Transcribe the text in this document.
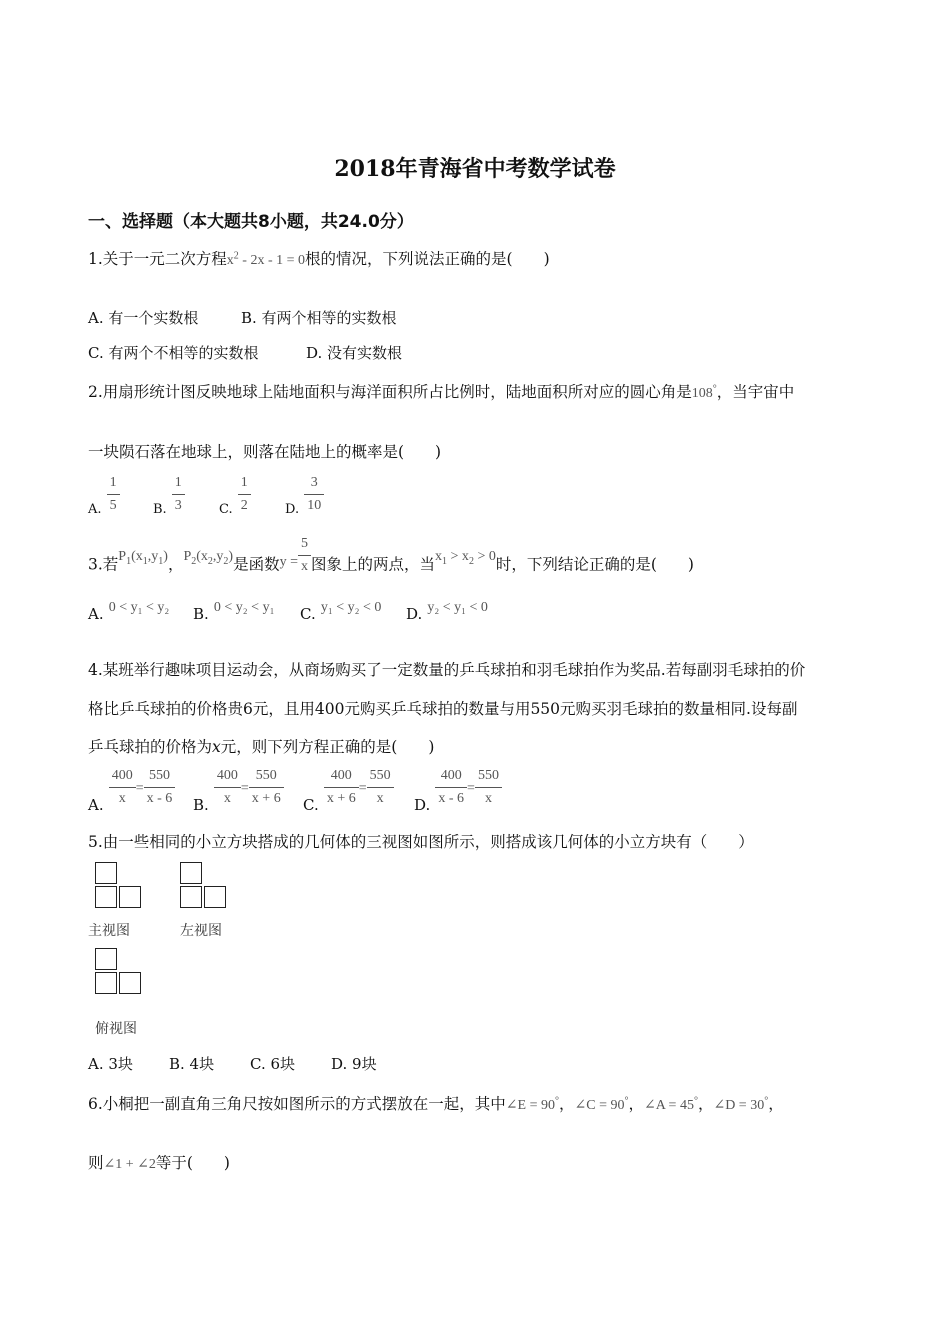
2018年青海省中考数学试卷
一、选择题（本大题共8小题，共24.0分）
1.关于一元二次方程$x^2 - 2x - 1 = 0$根的情况，下列说法正确的是(　　)
A. 有一个实数根	B. 有两个相等的实数根
C. 有两个不相等的实数根	D. 没有实数根
2.用扇形统计图反映地球上陆地面积与海洋面积所占比例时，陆地面积所对应的圆心角是108°，当宇宙中
一块陨石落在地球上，则落在陆地上的概率是(　　)
$_{A.} \frac{1}{5}$	$_{B.} \frac{1}{3}$	$_{C.} \frac{1}{2}$	$_{D.} \frac{3}{10}$
3.若$P_1(x_1,y_1)$，$P_2(x_2,y_2)$是函数$y = \frac{5}{x}$ 图象上的两点，当$x_1 > x_2 > 0$时，下列结论正确的是(　　)
A. 0 < y₁ < y₂ B. 0 < y₂ < y₁ C. y₁ < y₂ < 0 D. y₂ < y₁ < 0
4.某班举行趣味项目运动会，从商场购买了一定数量的乒乓球拍和羽毛球拍作为奖品.若每副羽毛球拍的价
格比乒乓球拍的价格贵6元，且用400元购买乒乓球拍的数量与用550元购买羽毛球拍的数量相同.设每副
乒乓球拍的价格为x元，则下列方程正确的是(　　)
A. $\frac{400}{x} = \frac{550}{x - 6} B$. $\frac{400}{x} = \frac{550}{x + 6} C$. $\frac{400}{x + 6} = \frac{550}{x} D$. $\frac{400}{x - 6} = \frac{550}{x}$
5.由一些相同的小立方块搭成的几何体的三视图如图所示，则搭成该几何体的小立方块有（　　）
主视图	左视图
俯视图
A. 3块 B. 4块 C. 6块 D. 9块
6.小桐把一副直角三角尺按如图所示的方式摆放在一起，其中∠E = 90°，∠C = 90°，∠A = 45°，∠D = 30°，
则∠1 + ∠2等于(　　)
